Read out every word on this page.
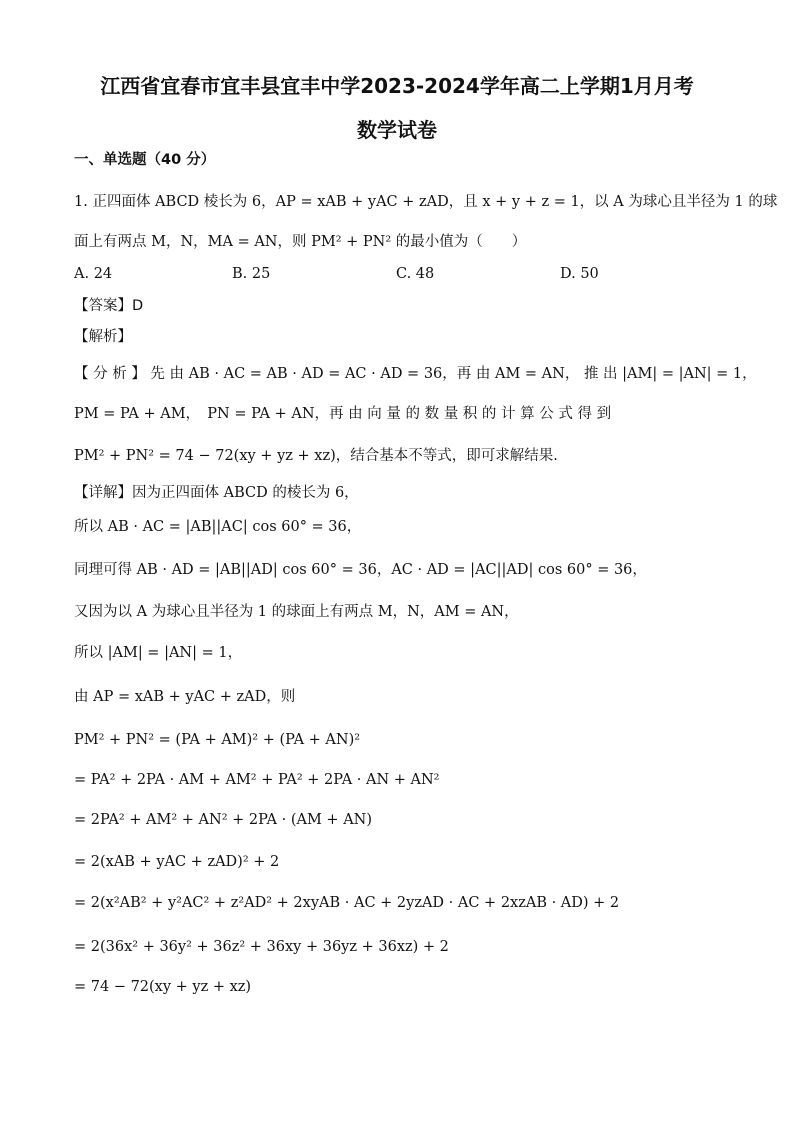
江西省宜春市宜丰县宜丰中学2023-2024学年高二上学期1月月考
数学试卷
一、单选题（40 分）
1. 正四面体 ABCD 棱长为 6，AP = xAB + yAC + zAD，且 x + y + z = 1，以 A 为球心且半径为 1 的球
面上有两点 M，N，MA = AN，则 PM² + PN² 的最小值为（　　）
A. 24	B. 25	C. 48	D. 50
【答案】D
【解析】
【 分 析 】 先 由 AB · AC = AB · AD = AC · AD = 36，再 由 AM = AN， 推 出 |AM| = |AN| = 1，
PM = PA + AM，　PN = PA + AN，再 由 向 量 的 数 量 积 的 计 算 公 式 得 到
PM² + PN² = 74 − 72(xy + yz + xz)，结合基本不等式，即可求解结果.
【详解】因为正四面体 ABCD 的棱长为 6，
所以 AB · AC = |AB||AC| cos 60° = 36，
同理可得 AB · AD = |AB||AD| cos 60° = 36，AC · AD = |AC||AD| cos 60° = 36，
又因为以 A 为球心且半径为 1 的球面上有两点 M，N，AM = AN，
所以 |AM| = |AN| = 1，
由 AP = xAB + yAC + zAD，则
PM² + PN² = (PA + AM)² + (PA + AN)²
= PA² + 2PA · AM + AM² + PA² + 2PA · AN + AN²
= 2PA² + AM² + AN² + 2PA · (AM + AN)
= 2(xAB + yAC + zAD)² + 2
= 2(x²AB² + y²AC² + z²AD² + 2xyAB · AC + 2yzAD · AC + 2xzAB · AD) + 2
= 2(36x² + 36y² + 36z² + 36xy + 36yz + 36xz) + 2
= 74 − 72(xy + yz + xz)
